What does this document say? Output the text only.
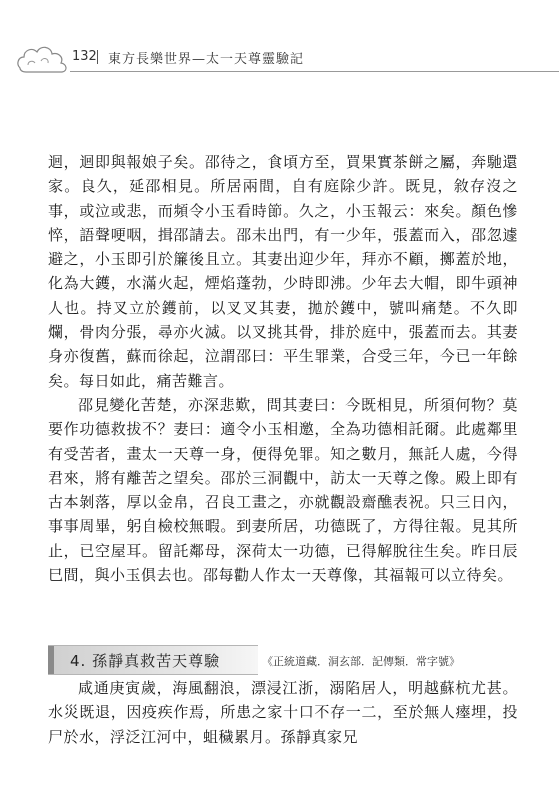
132 東方長樂世界—太一天尊靈驗記

迴，迴即與報娘子矣。邵待之，食頃方至，買果實茶餅之屬，奔馳還家。良久，延邵相見。所居兩間，自有庭除少許。既見，敘存沒之事，或泣或悲，而頻令小玉看時節。久之，小玉報云：來矣。顏色慘悴，語聲哽咽，揖邵請去。邵未出門，有一少年，張蓋而入，邵忽遽避之，小玉即引於簾後且立。其妻出迎少年，拜亦不顧，擲蓋於地，化為大鑊，水滿火起，煙焰蓬勃，少時即沸。少年去大帽，即牛頭神人也。持叉立於鑊前，以叉叉其妻，拋於鑊中，號叫痛楚。不久即爛，骨肉分張，尋亦火滅。以叉挑其骨，排於庭中，張蓋而去。其妻身亦復舊，蘇而徐起，泣謂邵曰：平生罪業，合受三年，今已一年餘矣。每日如此，痛苦難言。

邵見變化苦楚，亦深悲歎，問其妻曰：今既相見，所須何物？莫要作功德救拔不？妻曰：適令小玉相邀，全為功德相託爾。此處鄰里有受苦者，畫太一天尊一身，便得免罪。知之數月，無託人處，今得君來，將有離苦之望矣。邵於三洞觀中，訪太一天尊之像。殿上即有古本剝落，厚以金帛，召良工畫之，亦就觀設齋醮表祝。只三日內，事事周畢，躬自檢校無暇。到妻所居，功德既了，方得往報。見其所止，已空屋耳。留託鄰母，深荷太一功德，已得解脫往生矣。昨日辰巳間，與小玉俱去也。邵每勸人作太一天尊像，其福報可以立待矣。

4. 孫靜真救苦天尊驗	《正統道藏．洞玄部．記傳類．常字號》

咸通庚寅歲，海風翻浪，漂浸江浙，溺陷居人，明越蘇杭尤甚。水災既退，因疫疾作焉，所患之家十口不存一二，至於無人瘞埋，投尸於水，浮泛江河中，蛆穢累月。孫靜真家兄
